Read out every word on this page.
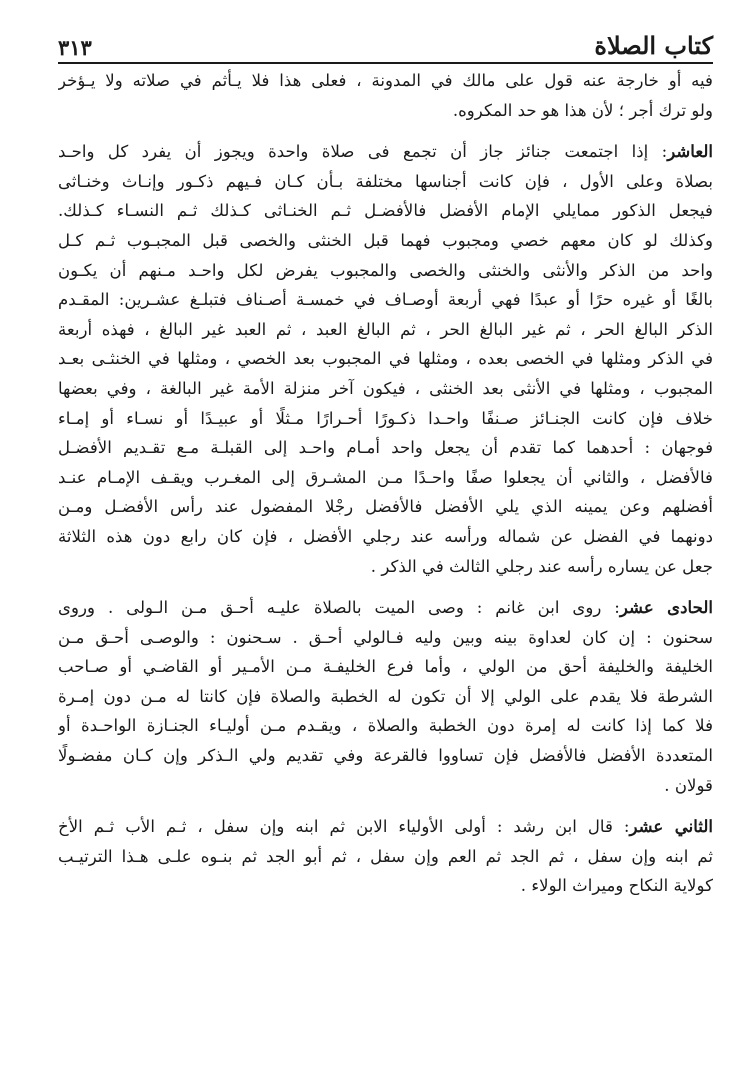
كتاب الصلاة
٣١٣
فيه أو خارجة عنه قول على مالك في المدونة ، فعلى هذا فلا يـأثم في صلاته ولا يـؤخر
ولو ترك أجر ؛ لأن هذا هو حد المكروه.
العاشر: إذا اجتمعت جنائز جاز أن تجمع فى صلاة واحدة ويجوز أن يفرد كل واحـد
بصلاة وعلى الأول ، فإن كانت أجناسها مختلفة بـأن كـان فـيهم ذكـور وإنـاث وخنـاثى
فيجعل الذكور ممايلي الإمام الأفضل فالأفضـل ثـم الخنـاثى كـذلك ثـم النسـاء كـذلك.
وكذلك لو كان معهم خصي ومجبوب فهما قبل الخنثى والخصى قبل المجبـوب ثـم كـل
واحد من الذكر والأنثى والخنثى والخصى والمجبوب يفرض لكل واحـد مـنهم أن يكـون
بالغًا أو غيره حرًا أو عبدًا فهي أربعة أوصـاف في خمسـة أصـناف فتبلـغ عشـرين: المقـدم
الذكر البالغ الحر ، ثم غير البالغ الحر ، ثم البالغ العبد ، ثم العبد غير البالغ ، فهذه أربعة
في الذكر ومثلها في الخصى بعده ، ومثلها في المجبوب بعد الخصي ، ومثلها في الخنثـى بعـد
المجبوب ، ومثلها في الأنثى بعد الخنثى ، فيكون آخر منزلة الأمة غير البالغة ، وفي بعضها
خلاف فإن كانت الجنـائز صـنفًا واحـدا ذكـورًا أحـرارًا مـثلًا أو عبيـدًا أو نسـاء أو إمـاء
فوجهان : أحدهما كما تقدم أن يجعل واحد أمـام واحـد إلى القبلـة مـع تقـديم الأفضـل
فالأفضل ، والثاني أن يجعلوا صفًا واحـدًا مـن المشـرق إلى المغـرب ويقـف الإمـام عنـد
أفضلهم وعن يمينه الذي يلي الأفضل فالأفضل رجْلا المفضول عند رأس الأفضـل ومـن
دونهما في الفضل عن شماله ورأسه عند رجلي الأفضل ، فإن كان رابع دون هذه الثلاثة
جعل عن يساره رأسه عند رجلي الثالث في الذكر .
الحادى عشر: روى ابن غانم : وصى الميت بالصلاة عليـه أحـق مـن الـولى . وروى
سحنون : إن كان لعداوة بينه وبين وليه فـالولي أحـق . سـحنون : والوصـى أحـق مـن
الخليفة والخليفة أحق من الولي ، وأما فرع الخليفـة مـن الأمـير أو القاضـي أو صـاحب
الشرطة فلا يقدم على الولي إلا أن تكون له الخطبة والصلاة فإن كانتا له مـن دون إمـرة
فلا كما إذا كانت له إمرة دون الخطبة والصلاة ، ويقـدم مـن أوليـاء الجنـازة الواحـدة أو
المتعددة الأفضل فالأفضل فإن تساووا فالقرعة وفي تقديم ولي الـذكر وإن كـان مفضـولًا
قولان .
الثاني عشر: قال ابن رشد : أولى الأولياء الابن ثم ابنه وإن سفل ، ثـم الأب ثـم الأخ
ثم ابنه وإن سفل ، ثم الجد ثم العم وإن سفل ، ثم أبو الجد ثم بنـوه علـى هـذا الترتيـب
كولاية النكاح وميراث الولاء .
